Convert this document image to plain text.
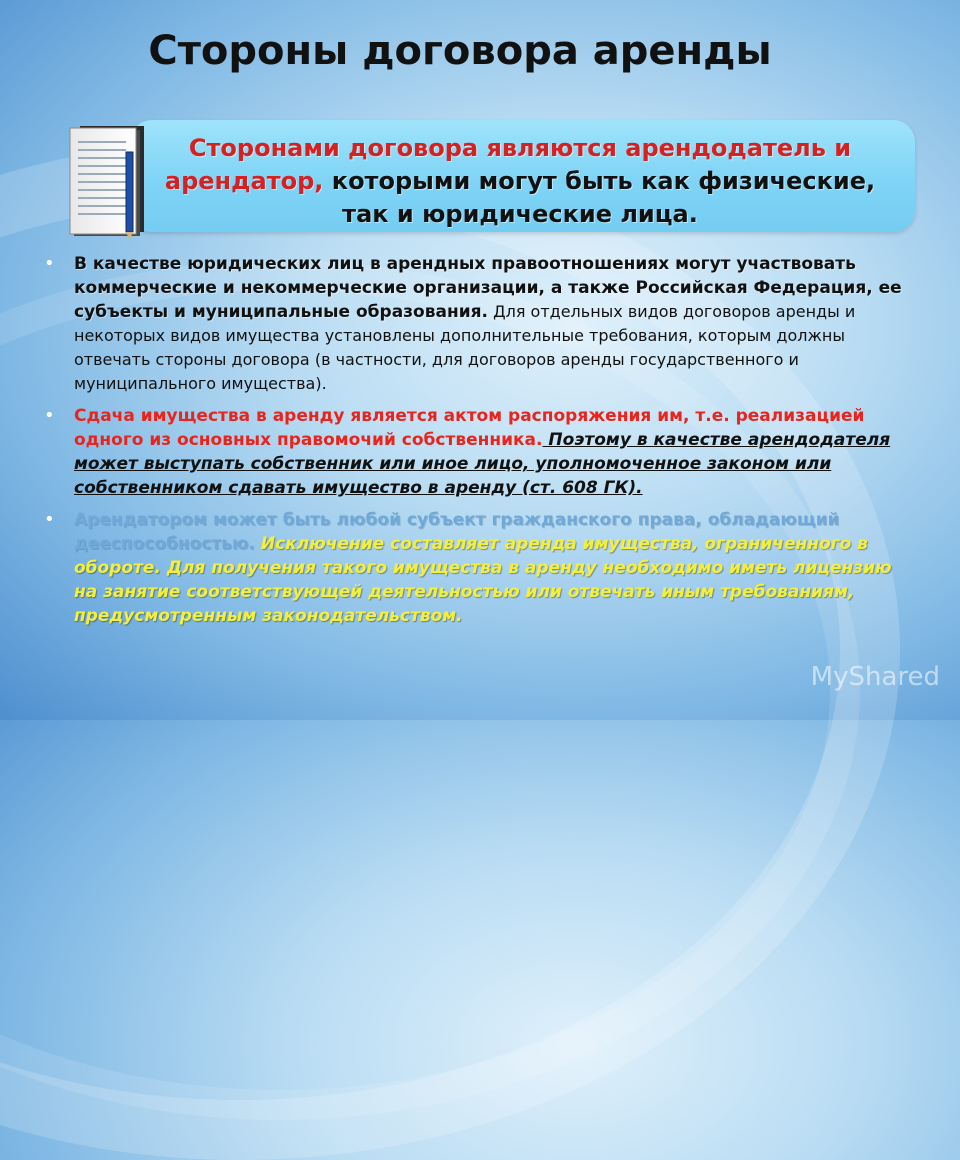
Стороны договора аренды
Сторонами договора являются арендодатель и
арендатор, которыми могут быть как физические,
так и юридические лица.
•	В качестве юридических лиц в арендных правоотношениях могут участвовать коммерческие и некоммерческие организации, а также Российская Федерация, ее субъекты и муниципальные образования. Для отдельных видов договоров аренды и некоторых видов имущества установлены дополнительные требования, которым должны отвечать стороны договора (в частности, для договоров аренды государственного и муниципального имущества).
•	Сдача имущества в аренду является актом распоряжения им, т.е. реализацией одного из основных правомочий собственника. Поэтому в качестве арендодателя может выступать собственник или иное лицо, уполномоченное законом или собственником сдавать имущество в аренду (ст. 608 ГК).
•	Арендатором может быть любой субъект гражданского права, обладающий дееспособностью. Исключение составляет аренда имущества, ограниченного в обороте. Для получения такого имущества в аренду необходимо иметь лицензию на занятие соответствующей деятельностью или отвечать иным требованиям, предусмотренным законодательством.
MyShared
